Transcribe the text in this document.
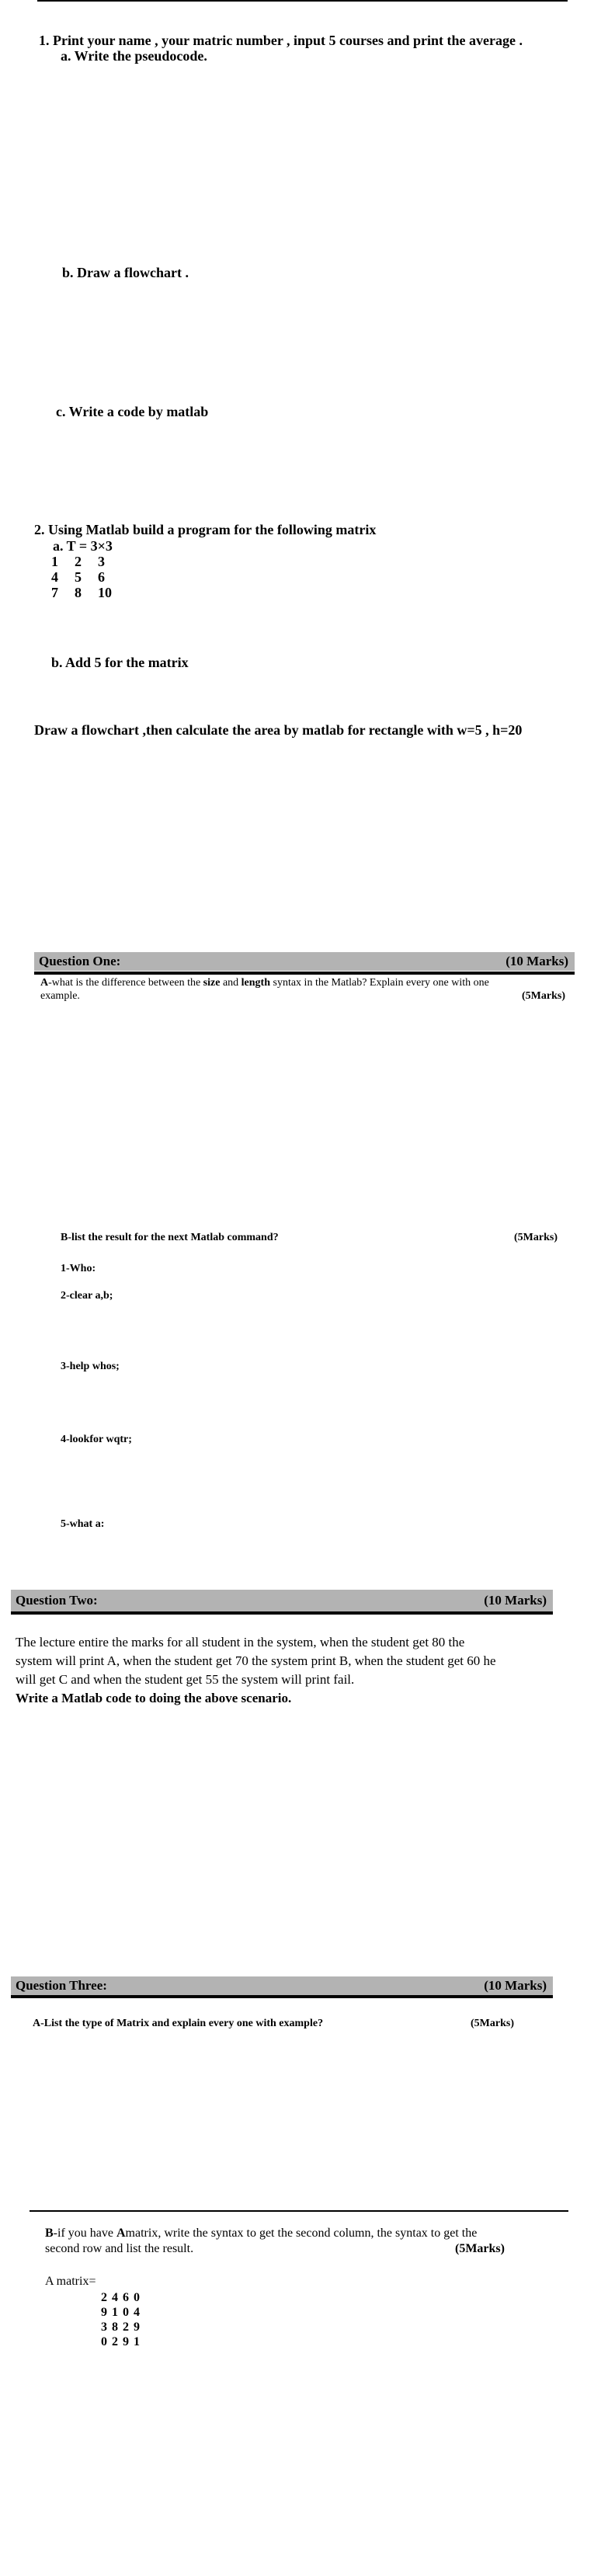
1. Print your name , your matric number , input 5 courses and print the average .
a. Write the pseudocode.
b. Draw a flowchart .
c. Write a code by matlab
2. Using Matlab build a program for the following matrix
a. T = 3×3
1 2 3
4 5 6
7 8 10
b. Add 5 for the matrix
Draw a flowchart ,then calculate the area by matlab for rectangle with w=5 , h=20
Question One:	(10 Marks)
A-what is the difference between the size and length syntax in the Matlab? Explain every one with one
example.	(5Marks)
B-list the result for the next Matlab command?	(5Marks)
1-Who:
2-clear a,b;
3-help whos;
4-lookfor wqtr;
5-what a:
Question Two:	(10 Marks)
The lecture entire the marks for all student in the system, when the student get 80 the
system will print A, when the student get 70 the system print B, when the student get 60 he
will get C and when the student get 55 the system will print fail.
Write a Matlab code to doing the above scenario.
Question Three:	(10 Marks)
A-List the type of Matrix and explain every one with example?	(5Marks)
B-if you have Amatrix, write the syntax to get the second column, the syntax to get the
second row and list the result.	(5Marks)
A matrix=
2 4 6 0
9 1 0 4
3 8 2 9
0 2 9 1
